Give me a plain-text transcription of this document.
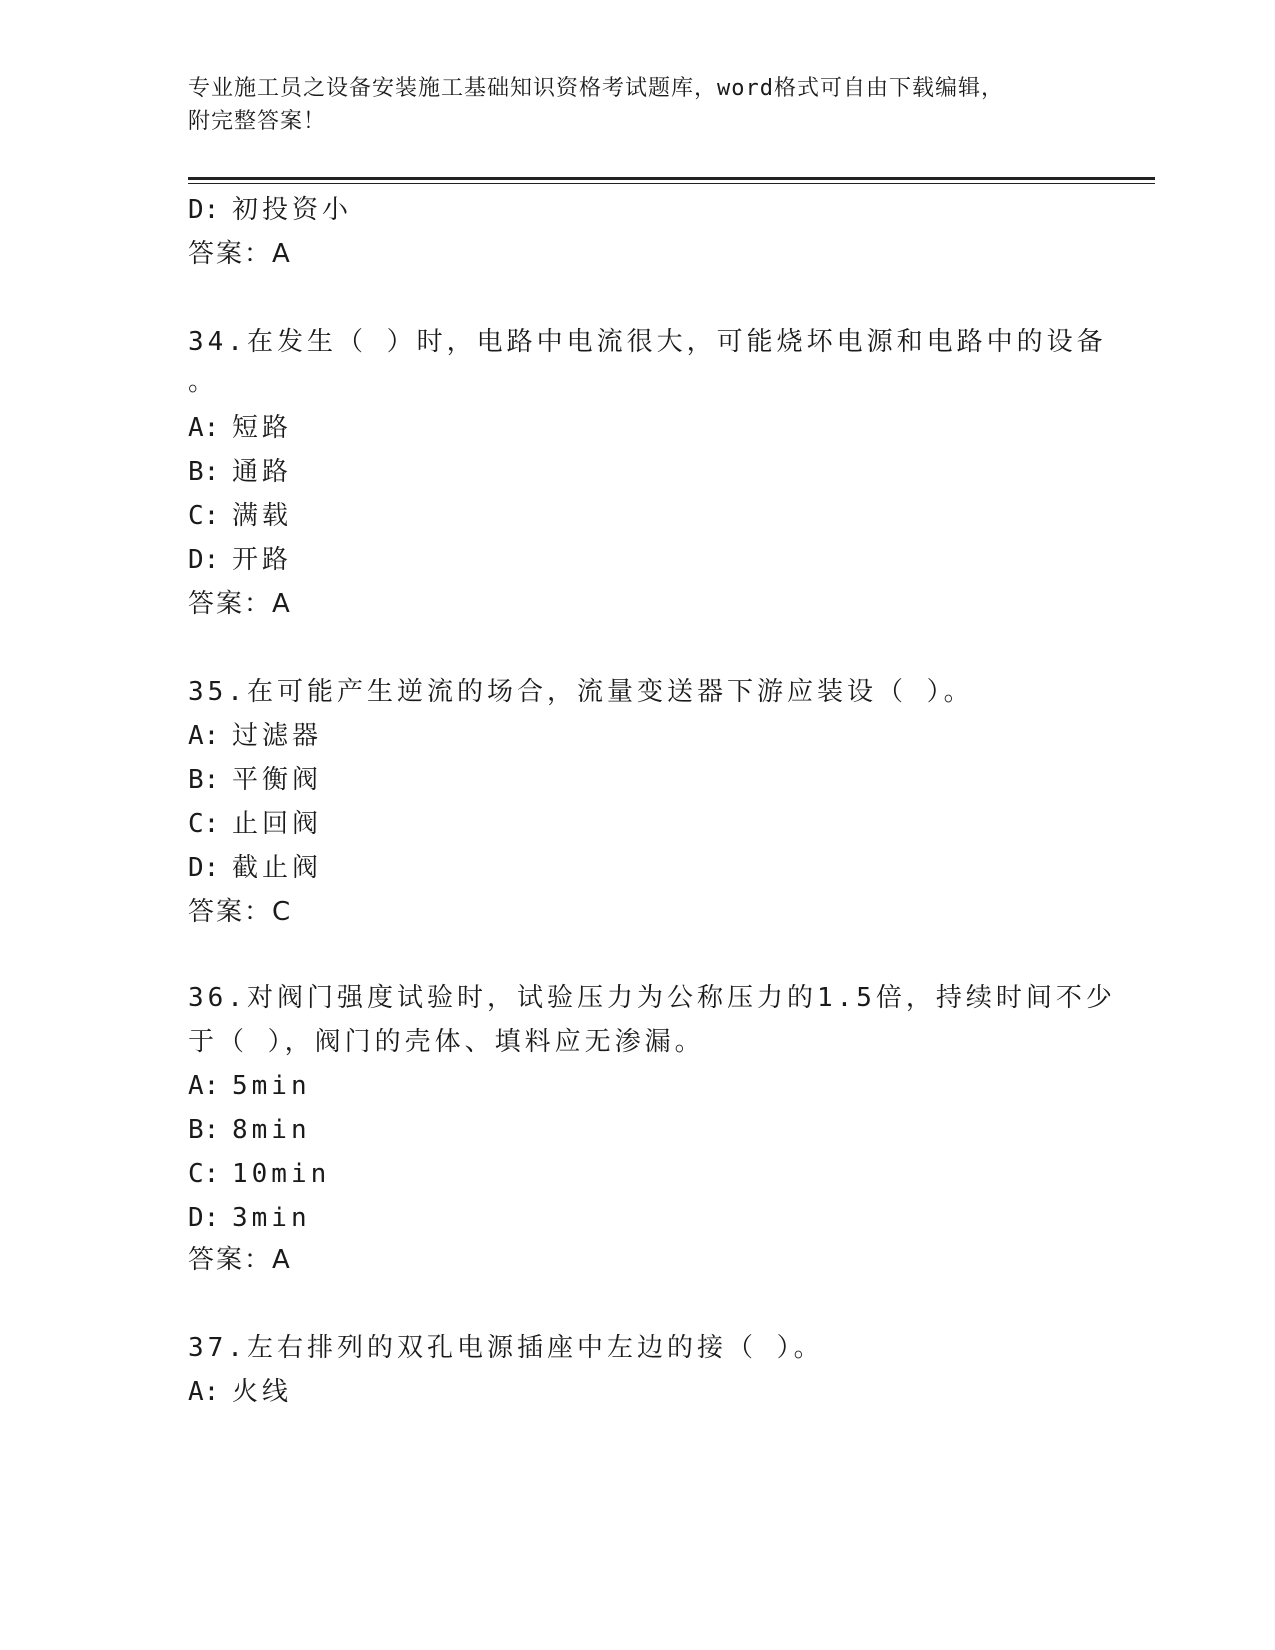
专业施工员之设备安装施工基础知识资格考试题库，word格式可自由下载编辑，
附完整答案！
D: 初投资小
答案：A
34.在发生（ ）时，电路中电流很大，可能烧坏电源和电路中的设备
。
A: 短路
B: 通路
C: 满载
D: 开路
答案：A
35.在可能产生逆流的场合，流量变送器下游应装设（ ）。
A: 过滤器
B: 平衡阀
C: 止回阀
D: 截止阀
答案：C
36.对阀门强度试验时，试验压力为公称压力的1.5倍，持续时间不少
于（ ），阀门的壳体、填料应无渗漏。
A: 5min
B: 8min
C: 10min
D: 3min
答案：A
37.左右排列的双孔电源插座中左边的接（ ）。
A: 火线
